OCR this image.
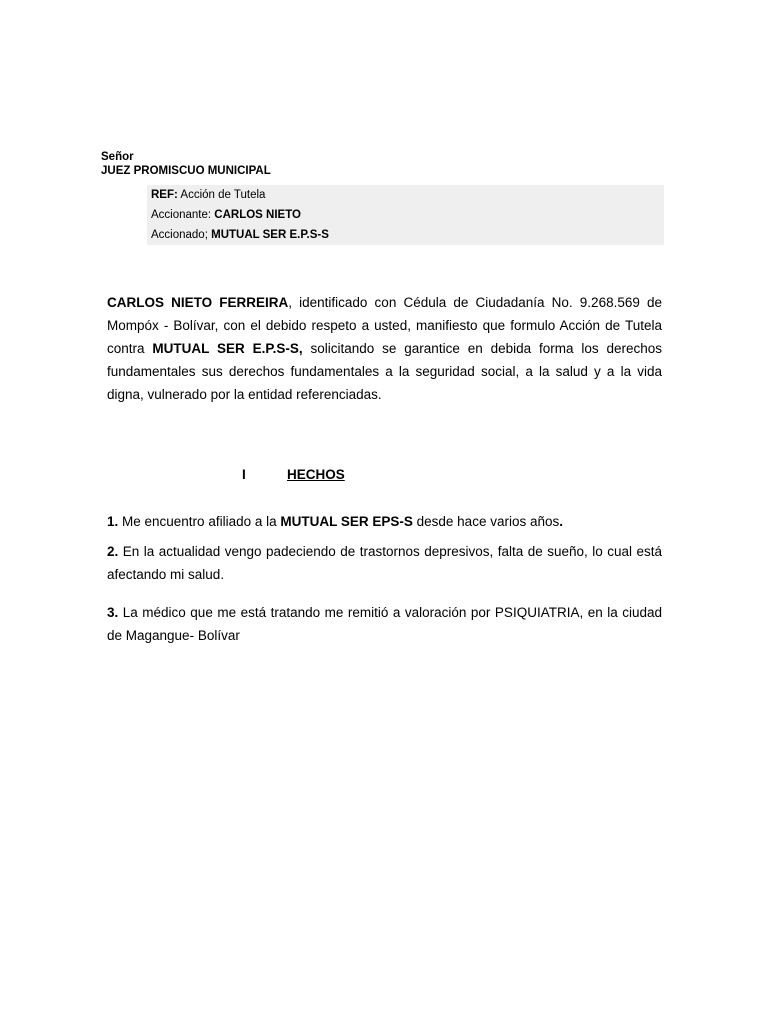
Señor
JUEZ PROMISCUO MUNICIPAL
REF: Acción de Tutela
Accionante: CARLOS NIETO
Accionado; MUTUAL SER E.P.S-S

CARLOS NIETO FERREIRA, identificado con Cédula de Ciudadanía No. 9.268.569 de Mompóx - Bolívar, con el debido respeto a usted, manifiesto que formulo Acción de Tutela contra MUTUAL SER E.P.S-S, solicitando se garantice en debida forma los derechos fundamentales sus derechos fundamentales a la seguridad social, a la salud y a la vida digna, vulnerado por la entidad referenciadas.

I	HECHOS

1. Me encuentro afiliado a la MUTUAL SER EPS-S desde hace varios años.

2. En la actualidad vengo padeciendo de trastornos depresivos, falta de sueño, lo cual está afectando mi salud.

3. La médico que me está tratando me remitió a valoración por PSIQUIATRIA, en la ciudad de Magangue- Bolívar
